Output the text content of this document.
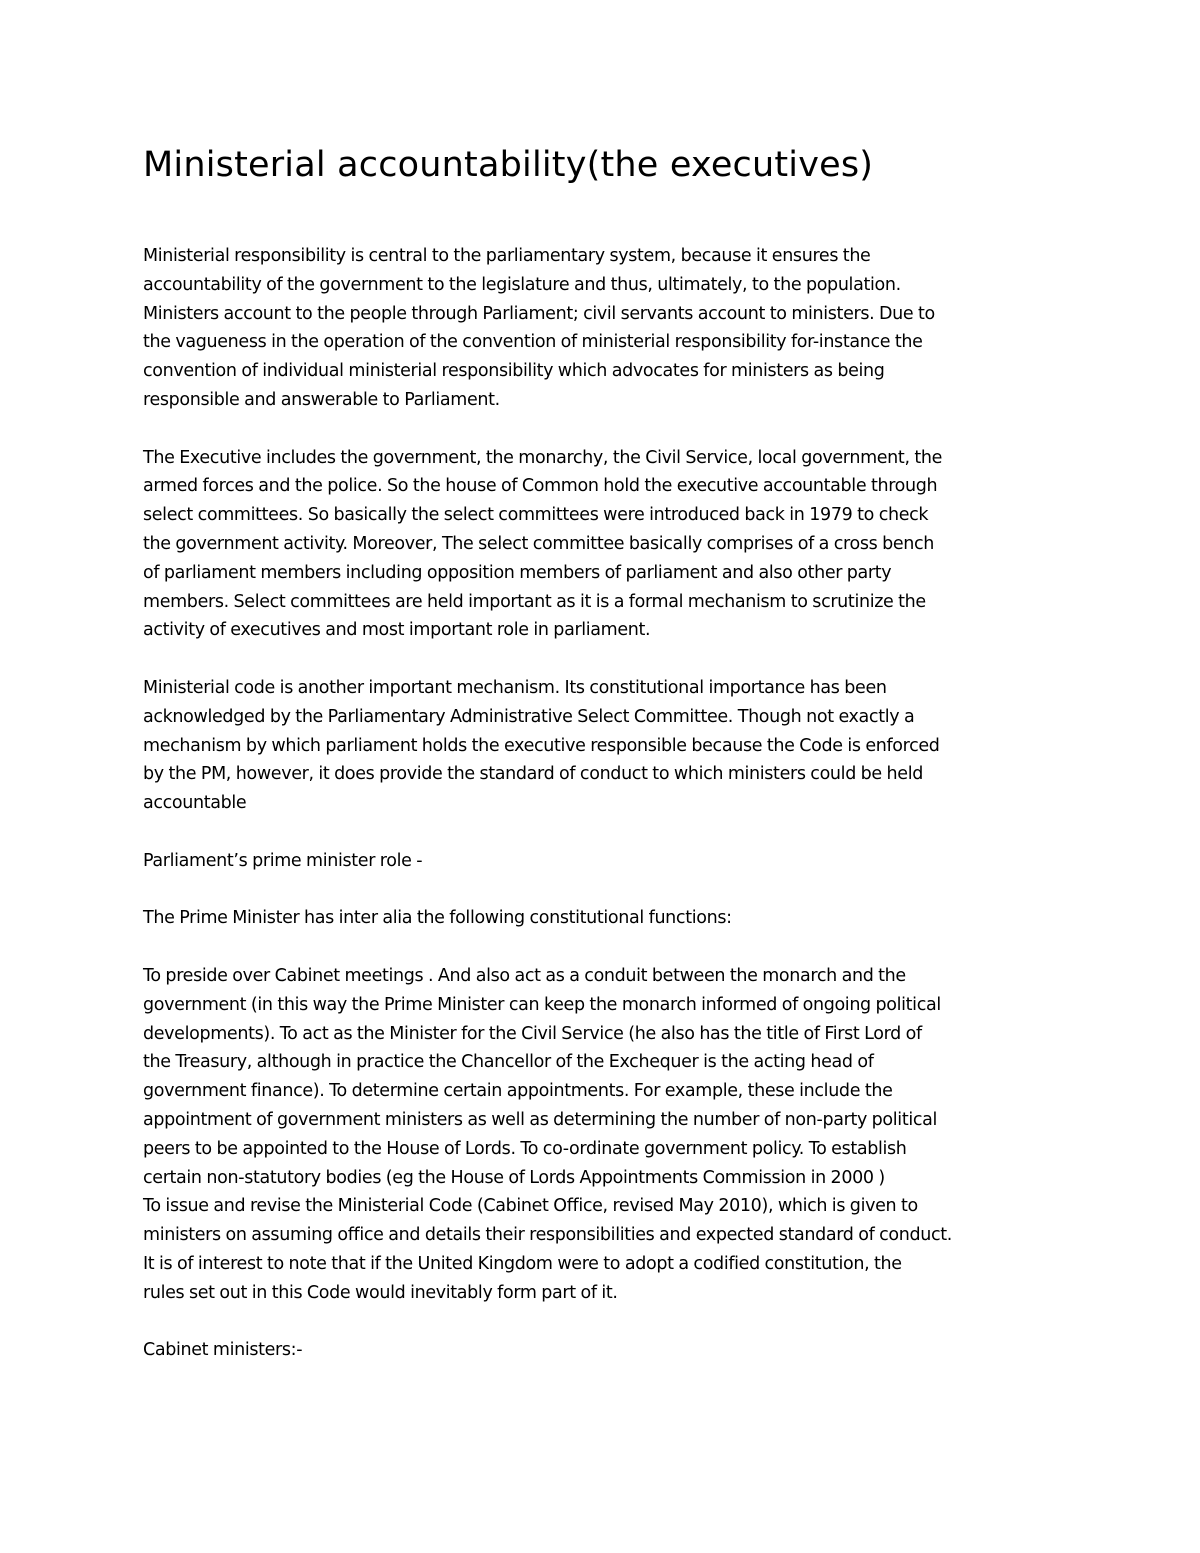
Ministerial accountability(the executives)

Ministerial responsibility is central to the parliamentary system, because it ensures the
accountability of the government to the legislature and thus, ultimately, to the population.
Ministers account to the people through Parliament; civil servants account to ministers. Due to
the vagueness in the operation of the convention of ministerial responsibility for-instance the
convention of individual ministerial responsibility which advocates for ministers as being
responsible and answerable to Parliament.

The Executive includes the government, the monarchy, the Civil Service, local government, the
armed forces and the police. So the house of Common hold the executive accountable through
select committees. So basically the select committees were introduced back in 1979 to check
the government activity. Moreover, The select committee basically comprises of a cross bench
of parliament members including opposition members of parliament and also other party
members. Select committees are held important as it is a formal mechanism to scrutinize the
activity of executives and most important role in parliament.

Ministerial code is another important mechanism. Its constitutional importance has been
acknowledged by the Parliamentary Administrative Select Committee. Though not exactly a
mechanism by which parliament holds the executive responsible because the Code is enforced
by the PM, however, it does provide the standard of conduct to which ministers could be held
accountable

Parliament’s prime minister role -

The Prime Minister has inter alia the following constitutional functions:

To preside over Cabinet meetings . And also act as a conduit between the monarch and the
government (in this way the Prime Minister can keep the monarch informed of ongoing political
developments). To act as the Minister for the Civil Service (he also has the title of First Lord of
the Treasury, although in practice the Chancellor of the Exchequer is the acting head of
government finance). To determine certain appointments. For example, these include the
appointment of government ministers as well as determining the number of non-party political
peers to be appointed to the House of Lords. To co-ordinate government policy. To establish
certain non-statutory bodies (eg the House of Lords Appointments Commission in 2000 )
To issue and revise the Ministerial Code (Cabinet Office, revised May 2010), which is given to
ministers on assuming office and details their responsibilities and expected standard of conduct.
It is of interest to note that if the United Kingdom were to adopt a codified constitution, the
rules set out in this Code would inevitably form part of it.

Cabinet ministers:-
